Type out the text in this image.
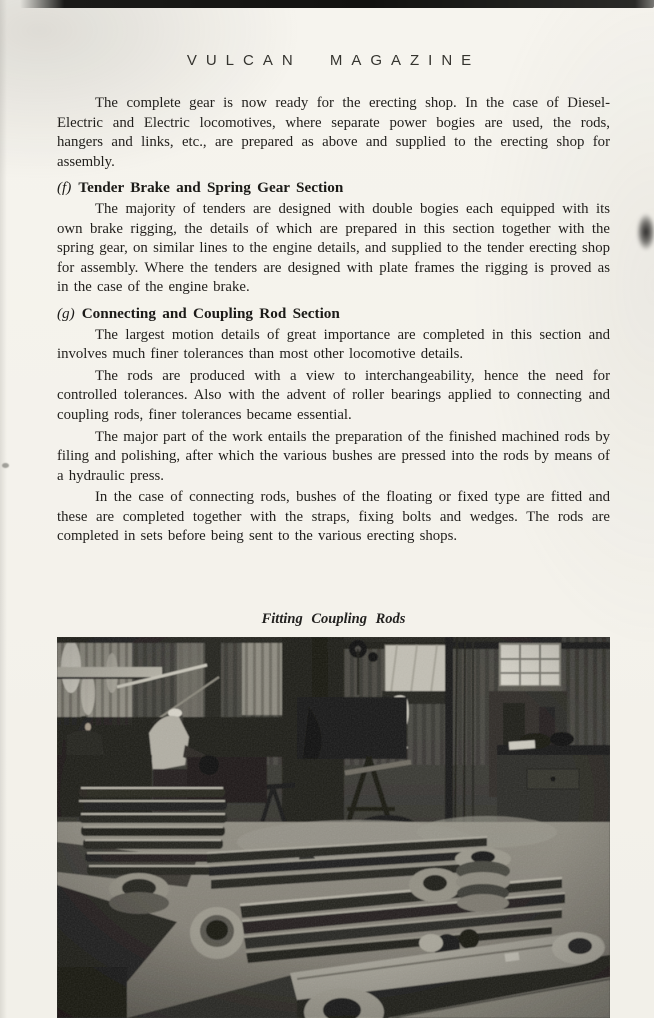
VULCAN MAGAZINE

The complete gear is now ready for the erecting shop. In the case of Diesel-Electric and Electric locomotives, where separate power bogies are used, the rods, hangers and links, etc., are prepared as above and supplied to the erecting shop for assembly.

(f) Tender Brake and Spring Gear Section

The majority of tenders are designed with double bogies each equipped with its own brake rigging, the details of which are prepared in this section together with the spring gear, on similar lines to the engine details, and supplied to the tender erecting shop for assembly. Where the tenders are designed with plate frames the rigging is proved as in the case of the engine brake.

(g) Connecting and Coupling Rod Section

The largest motion details of great importance are completed in this section and involves much finer tolerances than most other locomotive details.

The rods are produced with a view to interchangeability, hence the need for controlled tolerances. Also with the advent of roller bearings applied to connecting and coupling rods, finer tolerances became essential.

The major part of the work entails the preparation of the finished machined rods by filing and polishing, after which the various bushes are pressed into the rods by means of a hydraulic press.

In the case of connecting rods, bushes of the floating or fixed type are fitted and these are completed together with the straps, fixing bolts and wedges. The rods are completed in sets before being sent to the various erecting shops.

Fitting Coupling Rods
